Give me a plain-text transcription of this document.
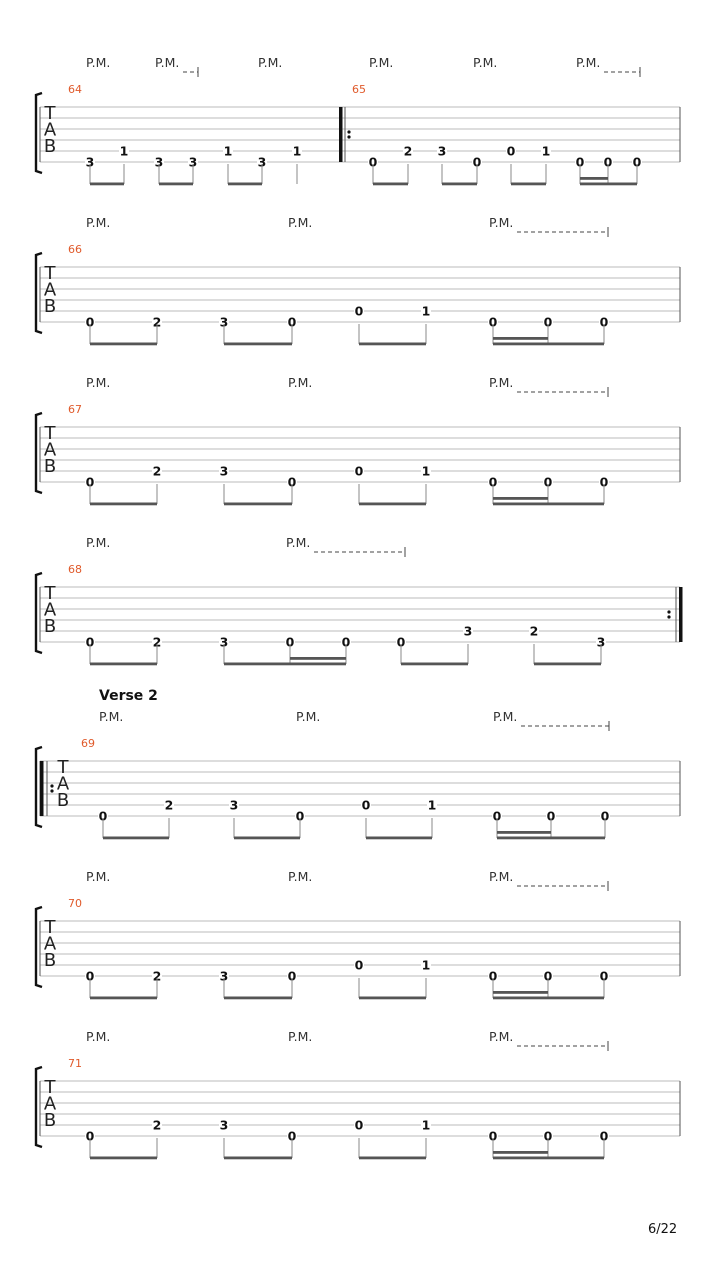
64
T
A
B
P.M.	P.M.	P.M.
3
1
3 3
1
3
1
65
P.M.	P.M.	P.M.
0
2 3
0
0 1
0 0 0
66
T
A
B
P.M.	P.M.	P.M.
0	2	3	0
0	1
0	0	0
67
T
A
B
P.M.	P.M.	P.M.
0
2	3
0
0	1
0	0	0
68
T
A
B
P.M.	P.M.
0	2	3	0	0	0
3	2
3
Verse 2
69
T
A
B
P.M.	P.M.	P.M.
0
2	3
0
0	1
0	0	0
70
T
A
B
P.M.	P.M.	P.M.
0	2	3	0
0	1
0	0	0
71
T
A
B
P.M.	P.M.	P.M.
0
2	3
0
0	1
0	0	0
6/22
